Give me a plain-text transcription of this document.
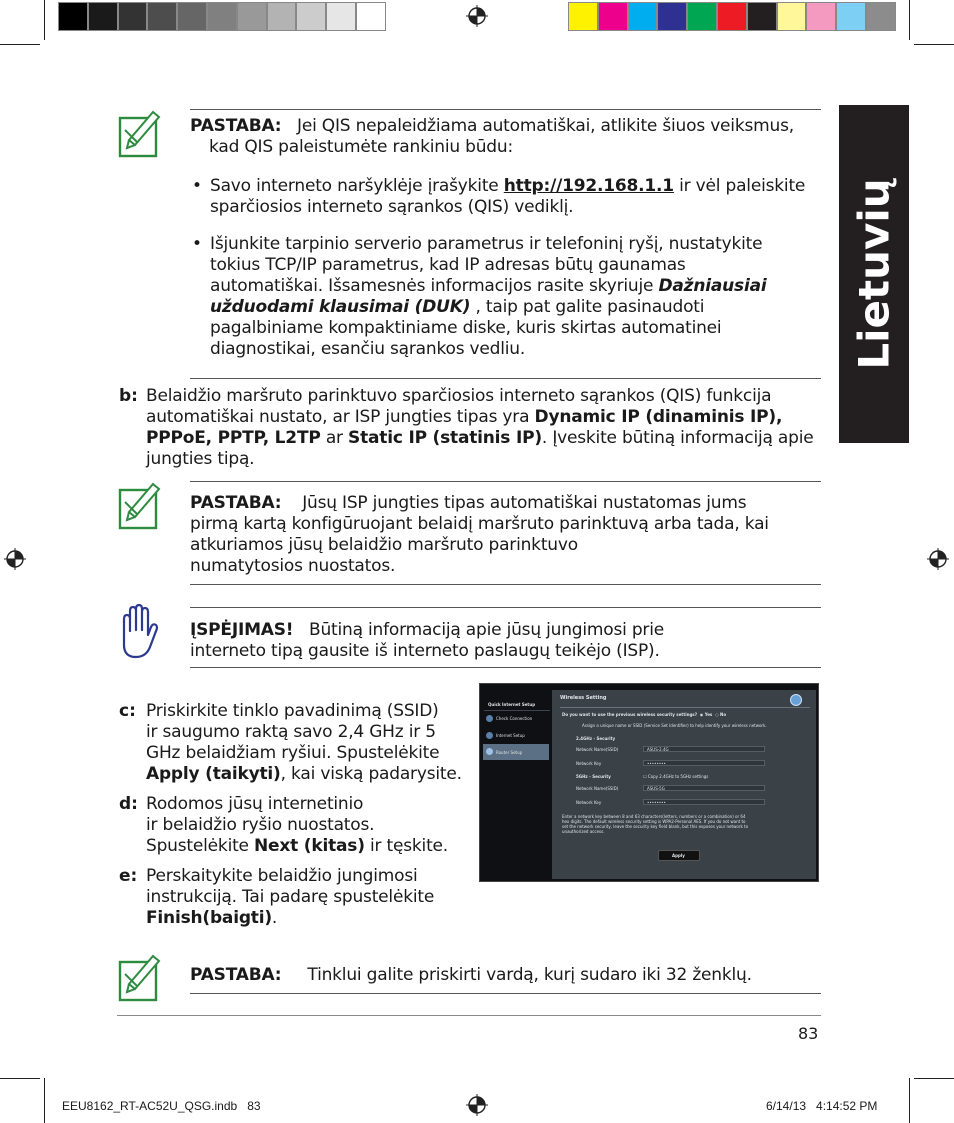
Lietuvių
PASTABA: Jei QIS nepaleidžiama automatiškai, atlikite šiuos veiksmus,
kad QIS paleistumėte rankiniu būdu:
• Savo interneto naršyklėje įrašykite http://192.168.1.1 ir vėl paleiskite
sparčiosios interneto sąrankos (QIS) vediklį.
• Išjunkite tarpinio serverio parametrus ir telefoninį ryšį, nustatykite
tokius TCP/IP parametrus, kad IP adresas būtų gaunamas
automatiškai. Išsamesnės informacijos rasite skyriuje Dažniausiai
užduodami klausimai (DUK) , taip pat galite pasinaudoti
pagalbiniame kompaktiniame diske, kuris skirtas automatinei
diagnostikai, esančiu sąrankos vedliu.
b: Belaidžio maršruto parinktuvo sparčiosios interneto sąrankos (QIS) funkcija
automatiškai nustato, ar ISP jungties tipas yra Dynamic IP (dinaminis IP),
PPPoE, PPTP, L2TP ar Static IP (statinis IP). Įveskite būtiną informaciją apie
jungties tipą.
PASTABA: Jūsų ISP jungties tipas automatiškai nustatomas jums
pirmą kartą konfigūruojant belaidį maršruto parinktuvą arba tada, kai
atkuriamos jūsų belaidžio maršruto parinktuvo
numatytosios nuostatos.
ĮSPĖJIMAS! Būtiną informaciją apie jūsų jungimosi prie
interneto tipą gausite iš interneto paslaugų teikėjo (ISP).
c: Priskirkite tinklo pavadinimą (SSID)
ir saugumo raktą savo 2,4 GHz ir 5
GHz belaidžiam ryšiui. Spustelėkite
Apply (taikyti), kai viską padarysite.
d: Rodomos jūsų internetinio
ir belaidžio ryšio nuostatos.
Spustelėkite Next (kitas) ir tęskite.
e: Perskaitykite belaidžio jungimosi
instrukciją. Tai padarę spustelėkite
Finish(baigti).
Quick Internet Setup
Check Connection
Internet Setup
Router Setup
Wireless Setting
Do you want to use the previous wireless security settings?  ◉ Yes  ○ No
Assign a unique name or SSID (Service Set Identifier) to help identify your wireless network.
2.4GHz - Security
Network Name(SSID)	ASUS-2.4G
Network Key	••••••••
5GHz - Security	☐ Copy 2.4GHz to 5GHz settings
Network Name(SSID)	ASUS-5G
Network Key	••••••••
Enter a network key between 8 and 63 characters(letters, numbers or a combination) or 64
hex digits. The default wireless security setting is WPA2-Personal AES. If you do not want to
set the network security, leave the security key field blank, but this exposes your network to
unauthorized access.
Apply
PASTABA: Tinklui galite priskirti vardą, kurį sudaro iki 32 ženklų.
83
EEU8162_RT-AC52U_QSG.indb   83	6/14/13   4:14:52 PM
